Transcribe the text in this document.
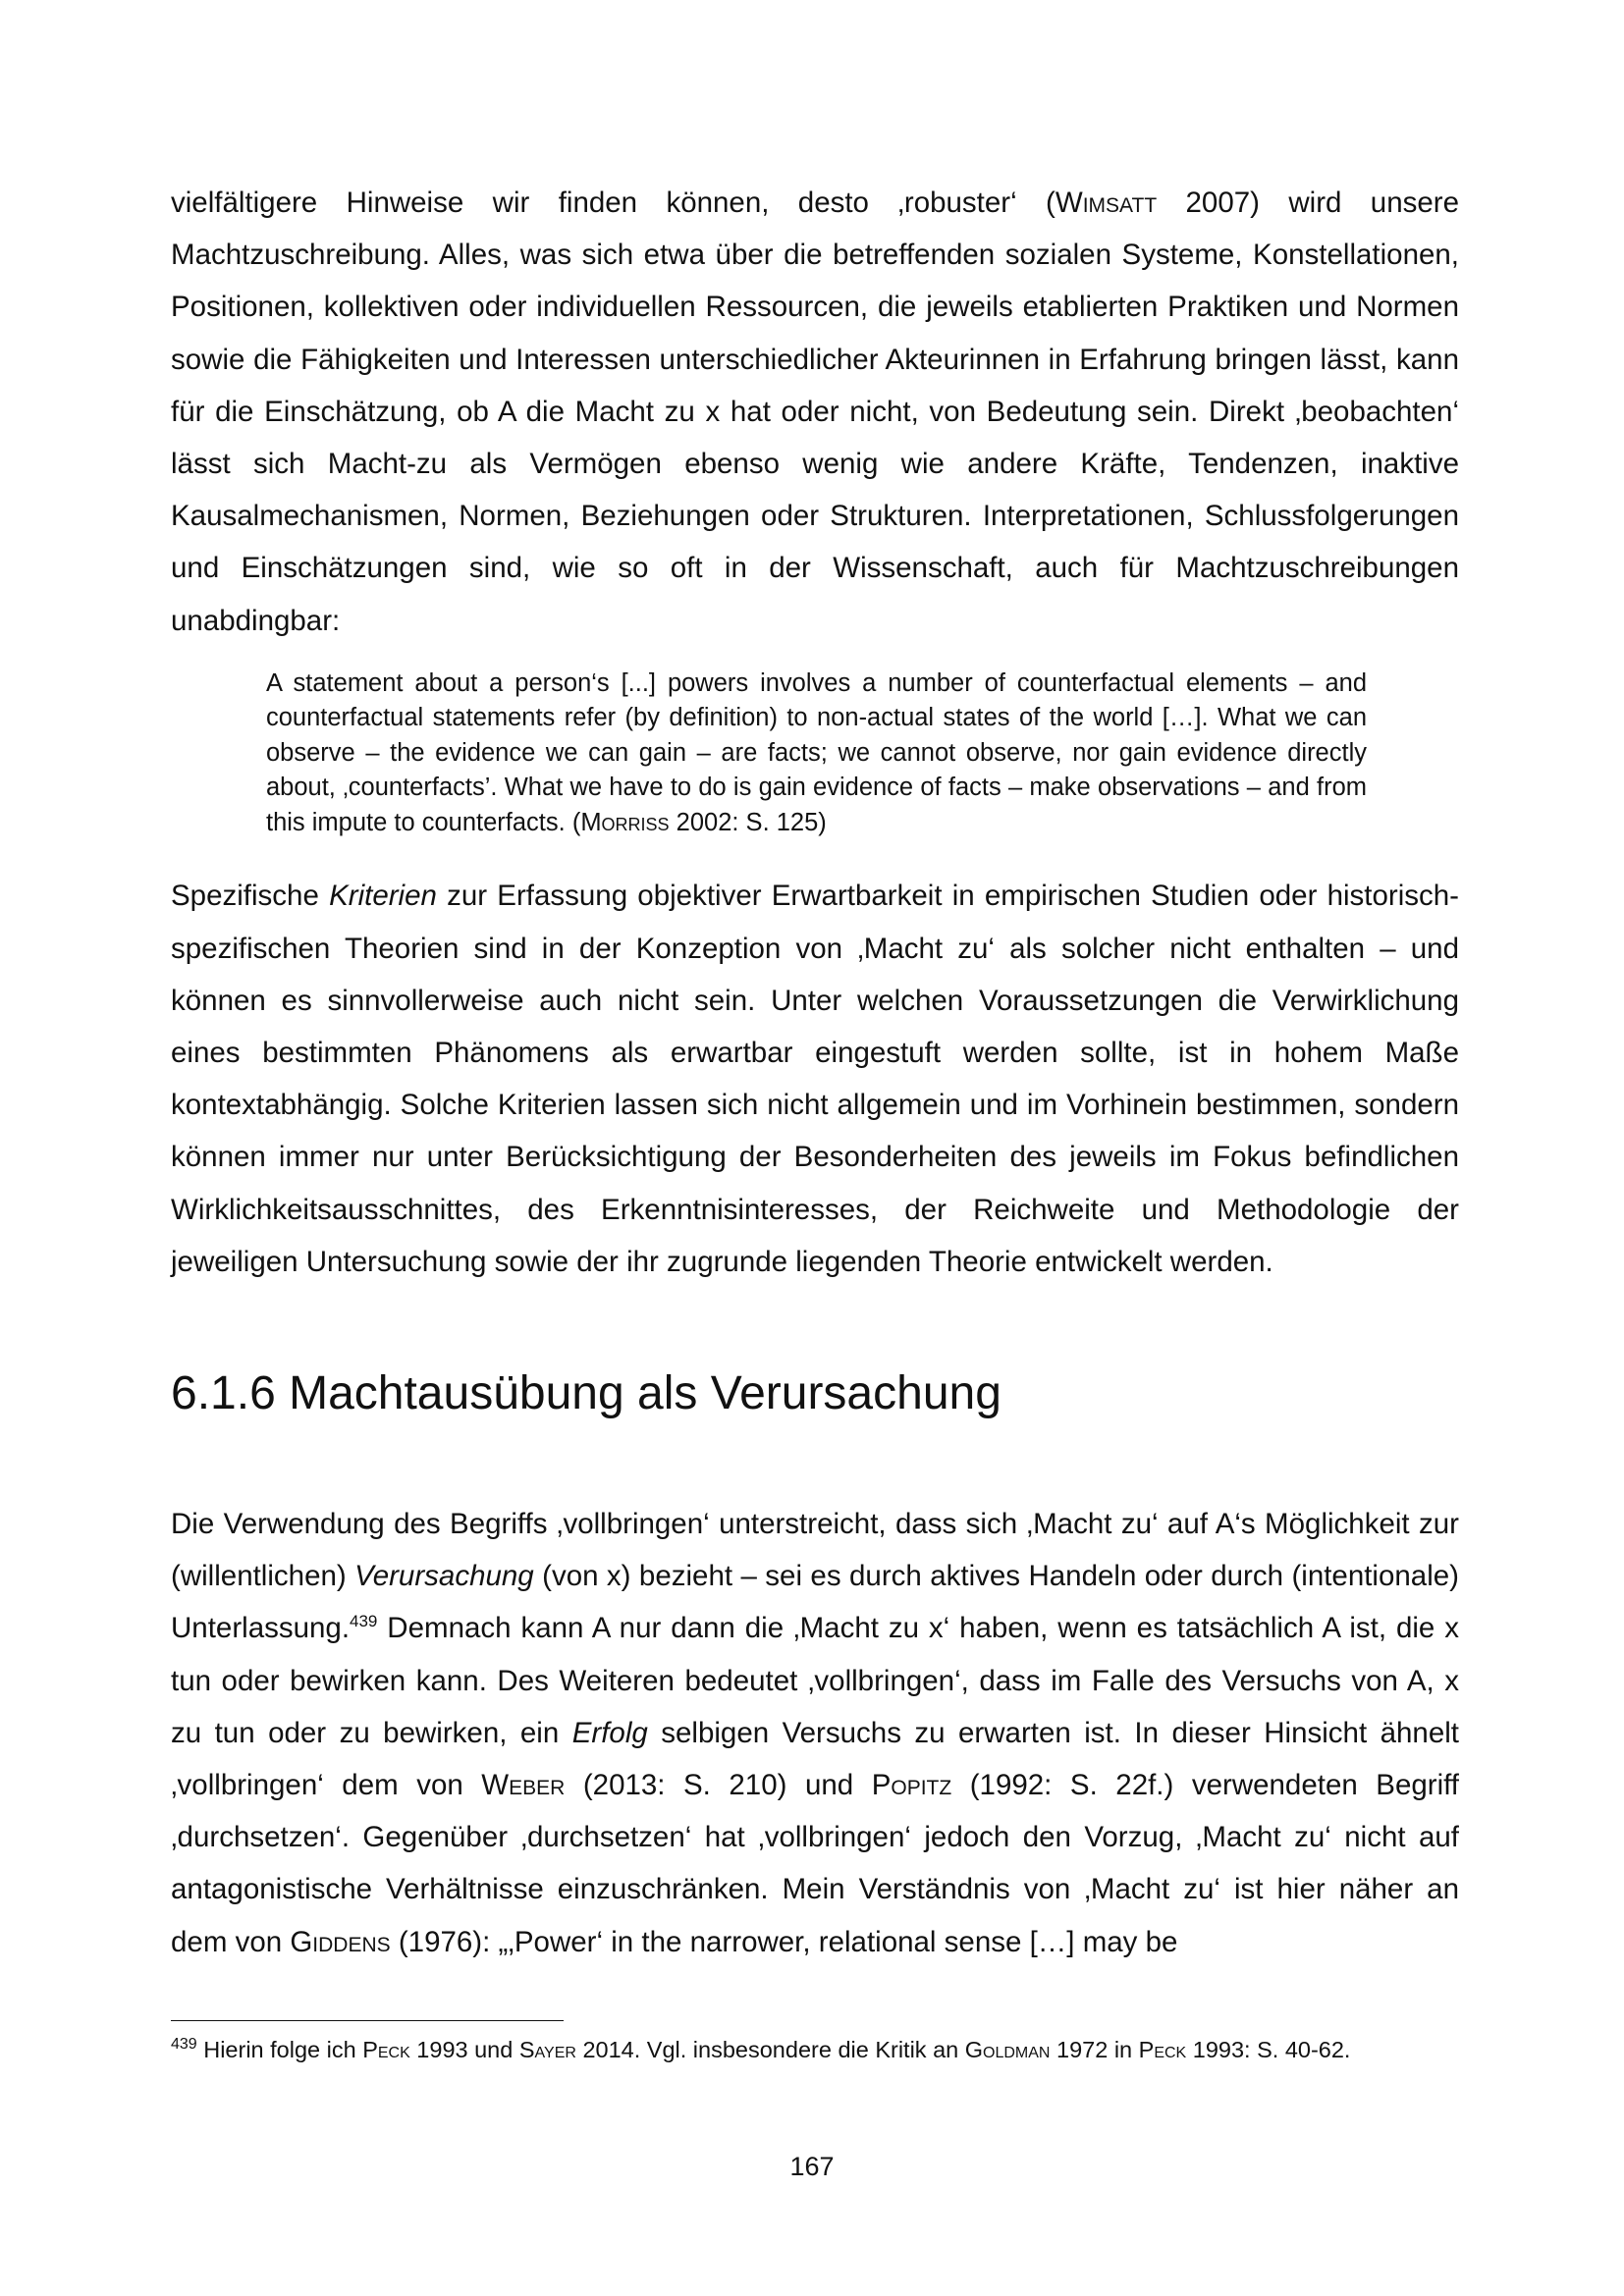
vielfältigere Hinweise wir finden können, desto ‚robuster‘ (Wimsatt 2007) wird unsere Machtzuschreibung. Alles, was sich etwa über die betreffenden sozialen Systeme, Konstellationen, Positionen, kollektiven oder individuellen Ressourcen, die jeweils etablierten Praktiken und Normen sowie die Fähigkeiten und Interessen unterschiedlicher Akteurinnen in Erfahrung bringen lässt, kann für die Einschätzung, ob A die Macht zu x hat oder nicht, von Bedeutung sein. Direkt ‚beobachten‘ lässt sich Macht-zu als Vermögen ebenso wenig wie andere Kräfte, Tendenzen, inaktive Kausalmechanismen, Normen, Beziehungen oder Strukturen. Interpretationen, Schlussfolgerungen und Einschätzungen sind, wie so oft in der Wissenschaft, auch für Machtzuschreibungen unabdingbar:

A statement about a person‘s [...] powers involves a number of counterfactual elements – and counterfactual statements refer (by definition) to non-actual states of the world […]. What we can observe – the evidence we can gain – are facts; we cannot observe, nor gain evidence directly about, ‚counterfacts’. What we have to do is gain evidence of facts – make observations – and from this impute to counterfacts. (Morriss 2002: S. 125)

Spezifische Kriterien zur Erfassung objektiver Erwartbarkeit in empirischen Studien oder historisch-spezifischen Theorien sind in der Konzeption von ‚Macht zu‘ als solcher nicht enthalten – und können es sinnvollerweise auch nicht sein. Unter welchen Voraussetzungen die Verwirklichung eines bestimmten Phänomens als erwartbar eingestuft werden sollte, ist in hohem Maße kontextabhängig. Solche Kriterien lassen sich nicht allgemein und im Vorhinein bestimmen, sondern können immer nur unter Berücksichtigung der Besonderheiten des jeweils im Fokus befindlichen Wirklichkeitsausschnittes, des Erkenntnisinteresses, der Reichweite und Methodologie der jeweiligen Untersuchung sowie der ihr zugrunde liegenden Theorie entwickelt werden.

6.1.6 Machtausübung als Verursachung

Die Verwendung des Begriffs ‚vollbringen‘ unterstreicht, dass sich ‚Macht zu‘ auf A‘s Möglichkeit zur (willentlichen) Verursachung (von x) bezieht – sei es durch aktives Handeln oder durch (intentionale) Unterlassung.$^{439}$ Demnach kann A nur dann die ‚Macht zu x‘ haben, wenn es tatsächlich A ist, die x tun oder bewirken kann. Des Weiteren bedeutet ‚vollbringen‘, dass im Falle des Versuchs von A, x zu tun oder zu bewirken, ein Erfolg selbigen Versuchs zu erwarten ist. In dieser Hinsicht ähnelt ‚vollbringen‘ dem von Weber (2013: S. 210) und Popitz (1992: S. 22f.) verwendeten Begriff ‚durchsetzen‘. Gegenüber ‚durchsetzen‘ hat ‚vollbringen‘ jedoch den Vorzug, ‚Macht zu‘ nicht auf antagonistische Verhältnisse einzuschränken. Mein Verständnis von ‚Macht zu‘ ist hier näher an dem von Giddens (1976): „‚Power‘ in the narrower, relational sense […] may be

$^{439}$ Hierin folge ich Peck 1993 und Sayer 2014. Vgl. insbesondere die Kritik an Goldman 1972 in Peck 1993: S. 40-62.
167
